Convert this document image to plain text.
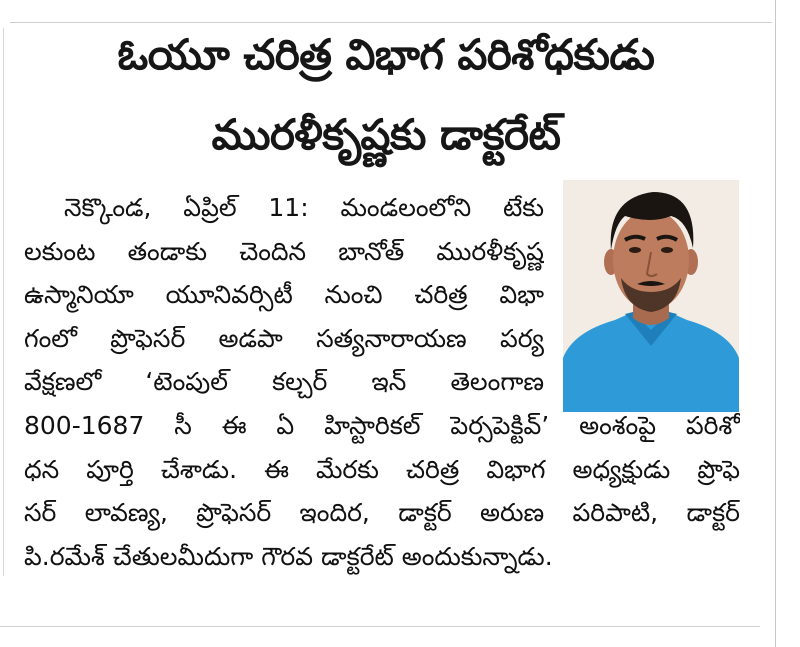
ఓయూ చరిత్ర విభాగ పరిశోధకుడు
మురళీకృష్ణకు డాక్టరేట్
నెక్కొండ, ఏప్రిల్ 11: మండలంలోని టేకు
లకుంట తండాకు చెందిన బానోత్ మురళీకృష్ణ
ఉస్మానియా యూనివర్సిటీ నుంచి చరిత్ర విభా
గంలో ప్రొఫెసర్ అడపా సత్యనారాయణ పర్య
వేక్షణలో ‘టెంపుల్ కల్చర్ ఇన్ తెలంగాణ
800-1687 సీ ఈ ఏ హిస్టారికల్ పెర్సపెక్టివ్’ అంశంపై పరిశో
ధన పూర్తి చేశాడు. ఈ మేరకు చరిత్ర విభాగ అధ్యక్షుడు ప్రొఫె
సర్ లావణ్య, ప్రొఫెసర్ ఇందిర, డాక్టర్ అరుణ పరిపాటి, డాక్టర్
పి.రమేశ్ చేతులమీదుగా గౌరవ డాక్టరేట్ అందుకున్నాడు.
